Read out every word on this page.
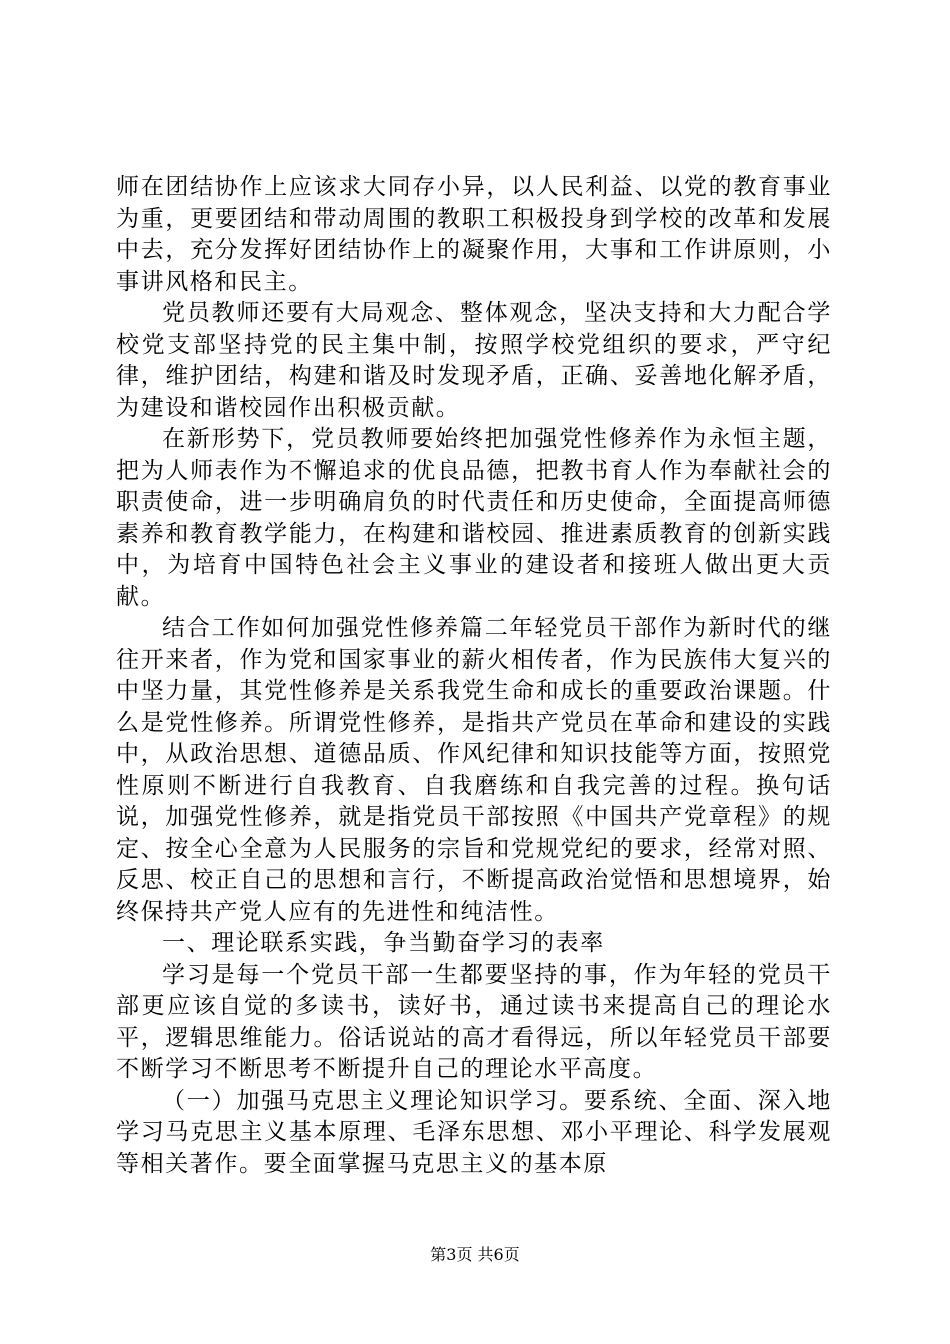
师在团结协作上应该求大同存小异，以人民利益、以党的教育事业为重，更要团结和带动周围的教职工积极投身到学校的改革和发展中去，充分发挥好团结协作上的凝聚作用，大事和工作讲原则，小事讲风格和民主。

党员教师还要有大局观念、整体观念，坚决支持和大力配合学校党支部坚持党的民主集中制，按照学校党组织的要求，严守纪律，维护团结，构建和谐及时发现矛盾，正确、妥善地化解矛盾，为建设和谐校园作出积极贡献。

在新形势下，党员教师要始终把加强党性修养作为永恒主题，把为人师表作为不懈追求的优良品德，把教书育人作为奉献社会的职责使命，进一步明确肩负的时代责任和历史使命，全面提高师德素养和教育教学能力，在构建和谐校园、推进素质教育的创新实践中，为培育中国特色社会主义事业的建设者和接班人做出更大贡献。

结合工作如何加强党性修养篇二年轻党员干部作为新时代的继往开来者，作为党和国家事业的薪火相传者，作为民族伟大复兴的中坚力量，其党性修养是关系我党生命和成长的重要政治课题。什么是党性修养。所谓党性修养，是指共产党员在革命和建设的实践中，从政治思想、道德品质、作风纪律和知识技能等方面，按照党性原则不断进行自我教育、自我磨练和自我完善的过程。换句话说，加强党性修养，就是指党员干部按照《中国共产党章程》的规定、按全心全意为人民服务的宗旨和党规党纪的要求，经常对照、反思、校正自己的思想和言行，不断提高政治觉悟和思想境界，始终保持共产党人应有的先进性和纯洁性。

一、理论联系实践，争当勤奋学习的表率

学习是每一个党员干部一生都要坚持的事，作为年轻的党员干部更应该自觉的多读书，读好书，通过读书来提高自己的理论水平，逻辑思维能力。俗话说站的高才看得远，所以年轻党员干部要不断学习不断思考不断提升自己的理论水平高度。

（一）加强马克思主义理论知识学习。要系统、全面、深入地学习马克思主义基本原理、毛泽东思想、邓小平理论、科学发展观等相关著作。要全面掌握马克思主义的基本原

第3页 共6页
